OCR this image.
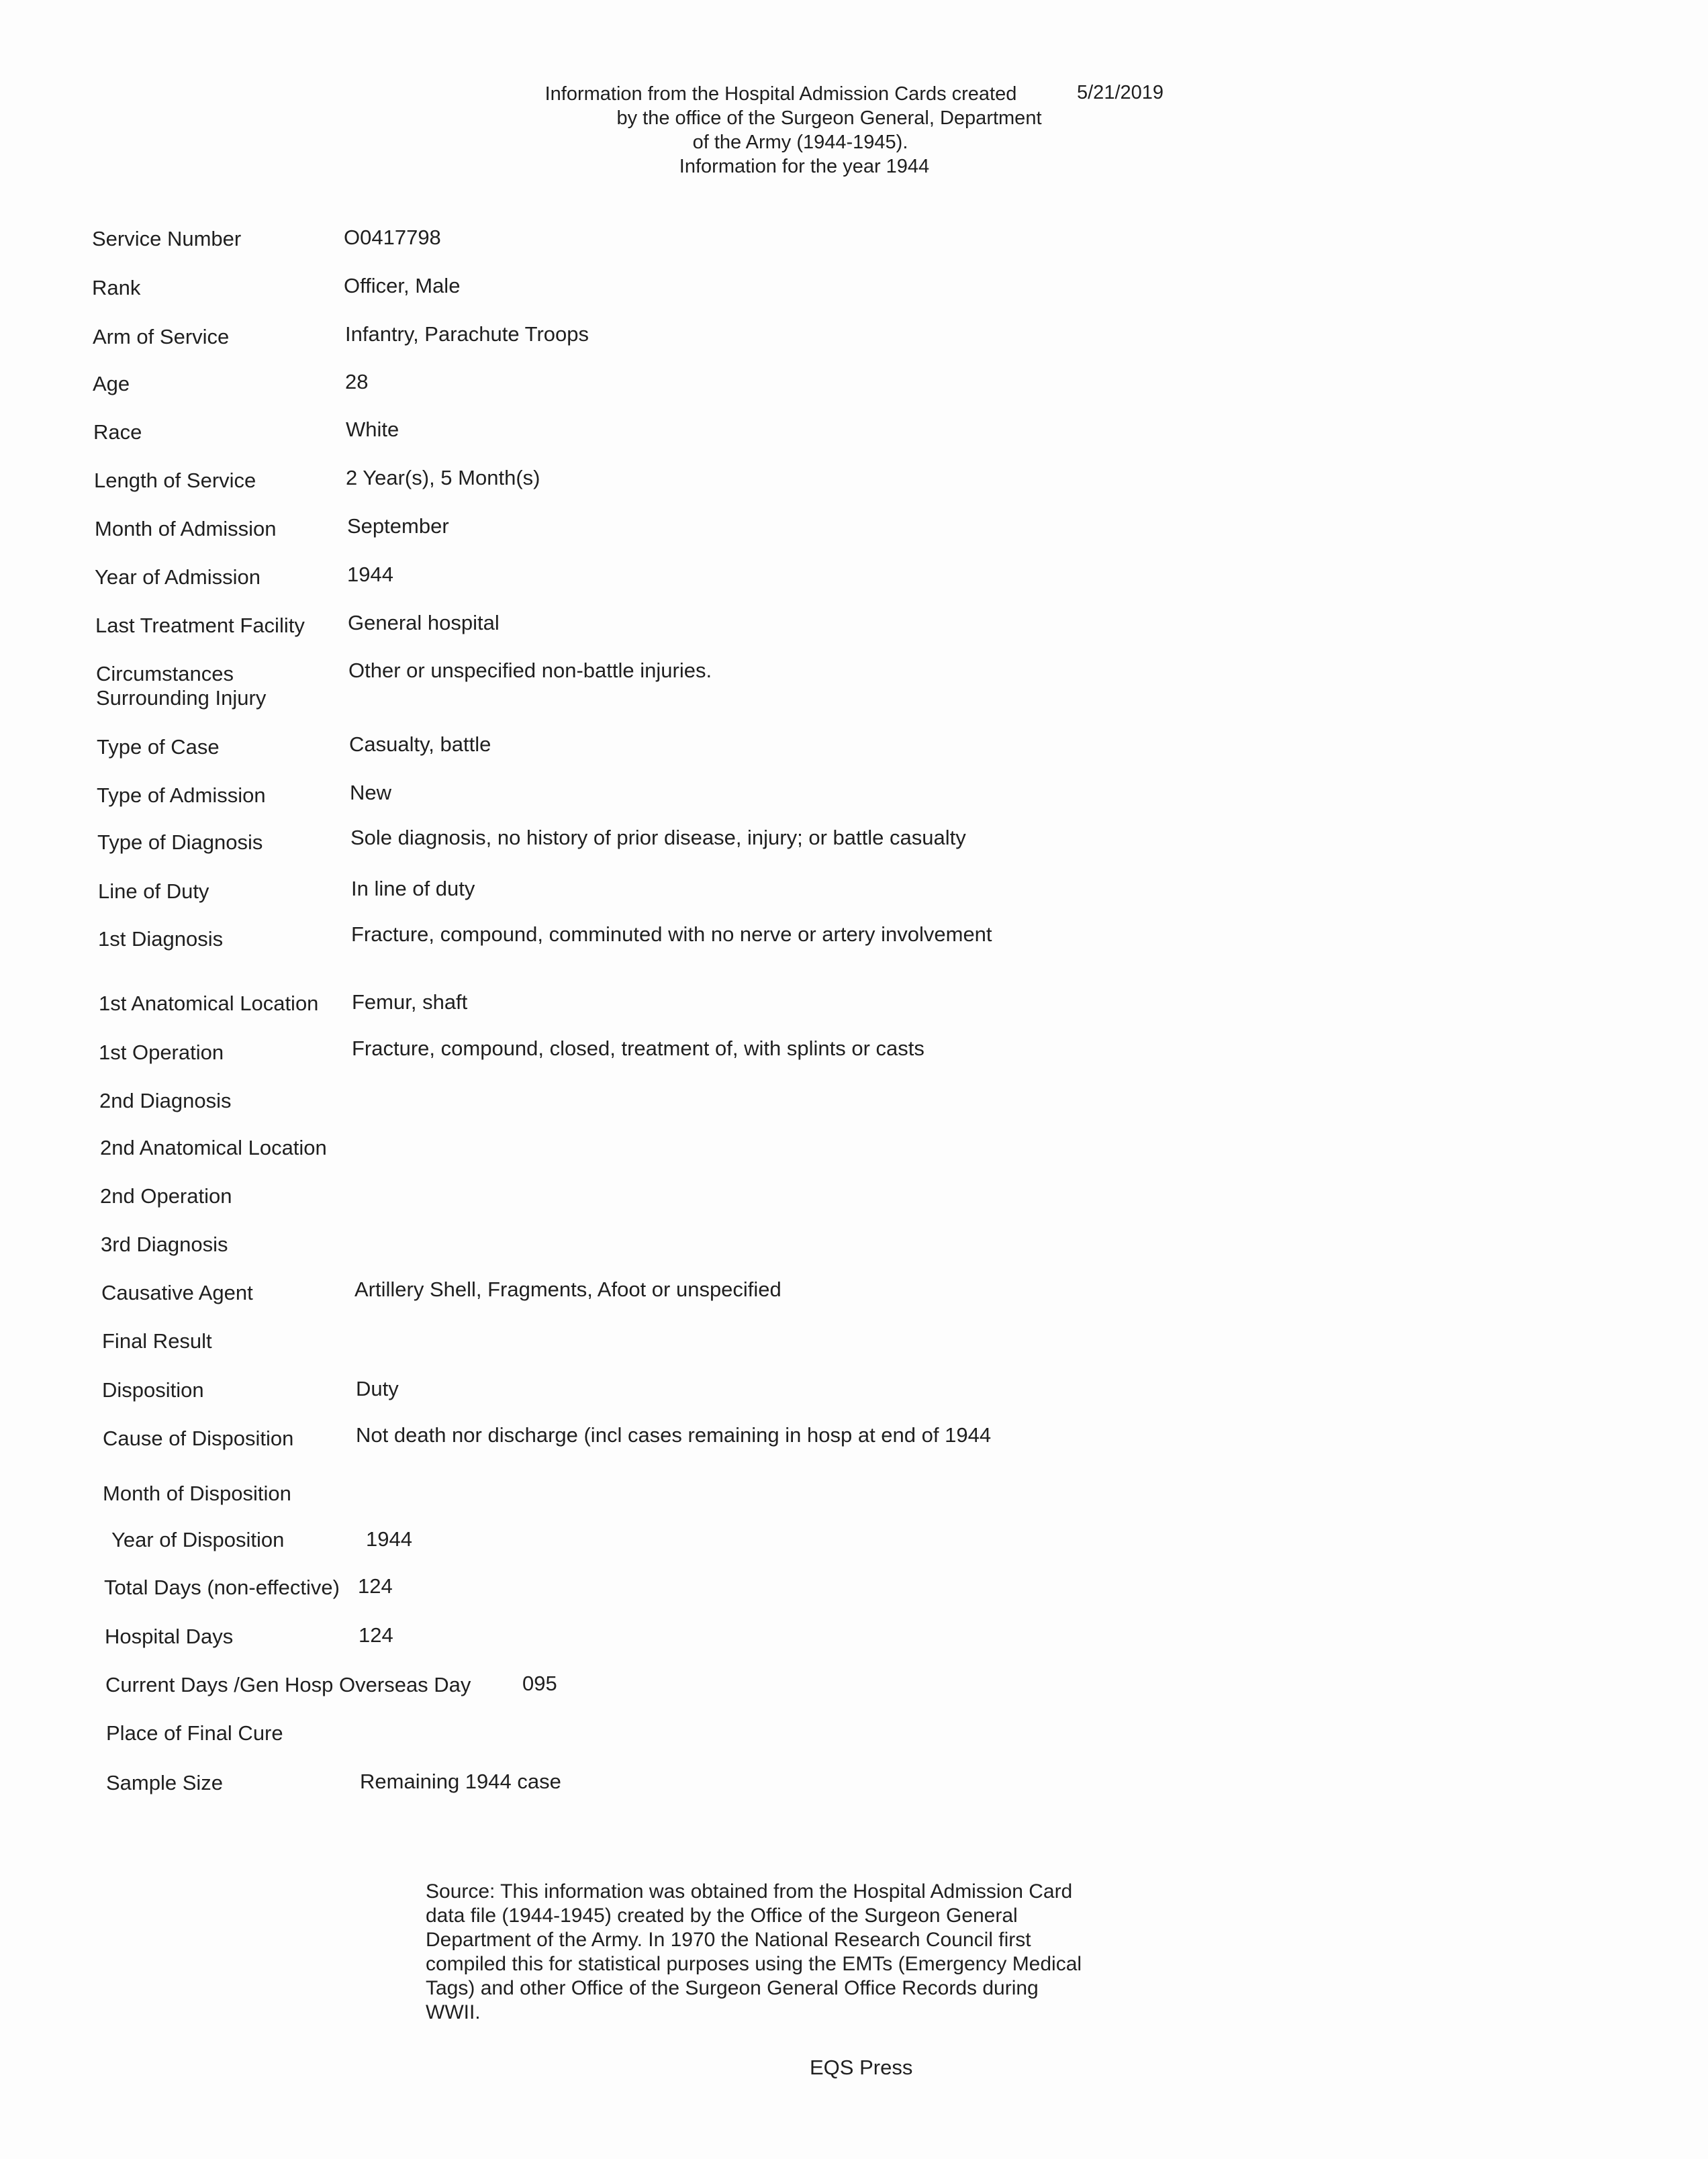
Information from the Hospital Admission Cards created
by the office of the Surgeon General, Department
of the Army (1944-1945).
Information for the year 1944
5/21/2019
Service Number
Rank
Arm of Service
Age
Race
Length of Service
Month of Admission
Year of Admission
Last Treatment Facility
Circumstances
Surrounding Injury
Type of Case
Type of Admission
Type of Diagnosis
Line of Duty
1st Diagnosis
1st Anatomical Location
1st Operation
2nd Diagnosis
2nd Anatomical Location
2nd Operation
3rd Diagnosis
Causative Agent
Final Result
Disposition
Cause of Disposition
Month of Disposition
Year of Disposition
Total Days (non-effective)
Hospital Days
Current Days /Gen Hosp Overseas Day
Place of Final Cure
Sample Size
O0417798
Officer, Male
Infantry, Parachute Troops
28
White
2 Year(s), 5 Month(s)
September
1944
General hospital
Other or unspecified non-battle injuries.
Casualty, battle
New
Sole diagnosis, no history of prior disease, injury; or battle casualty
In line of duty
Fracture, compound, comminuted with no nerve or artery involvement
Femur, shaft
Fracture, compound, closed, treatment of, with splints or casts
Artillery Shell, Fragments, Afoot or unspecified
Duty
Not death nor discharge (incl cases remaining in hosp at end of 1944
1944
124
124
095
Remaining 1944 case
Source: This information was obtained from the Hospital Admission Card
data file (1944-1945) created by the Office of the Surgeon General
Department of the Army. In 1970 the National Research Council first
compiled this for statistical purposes using the EMTs (Emergency Medical
Tags) and other Office of the Surgeon General Office Records during
WWII.
EQS Press
